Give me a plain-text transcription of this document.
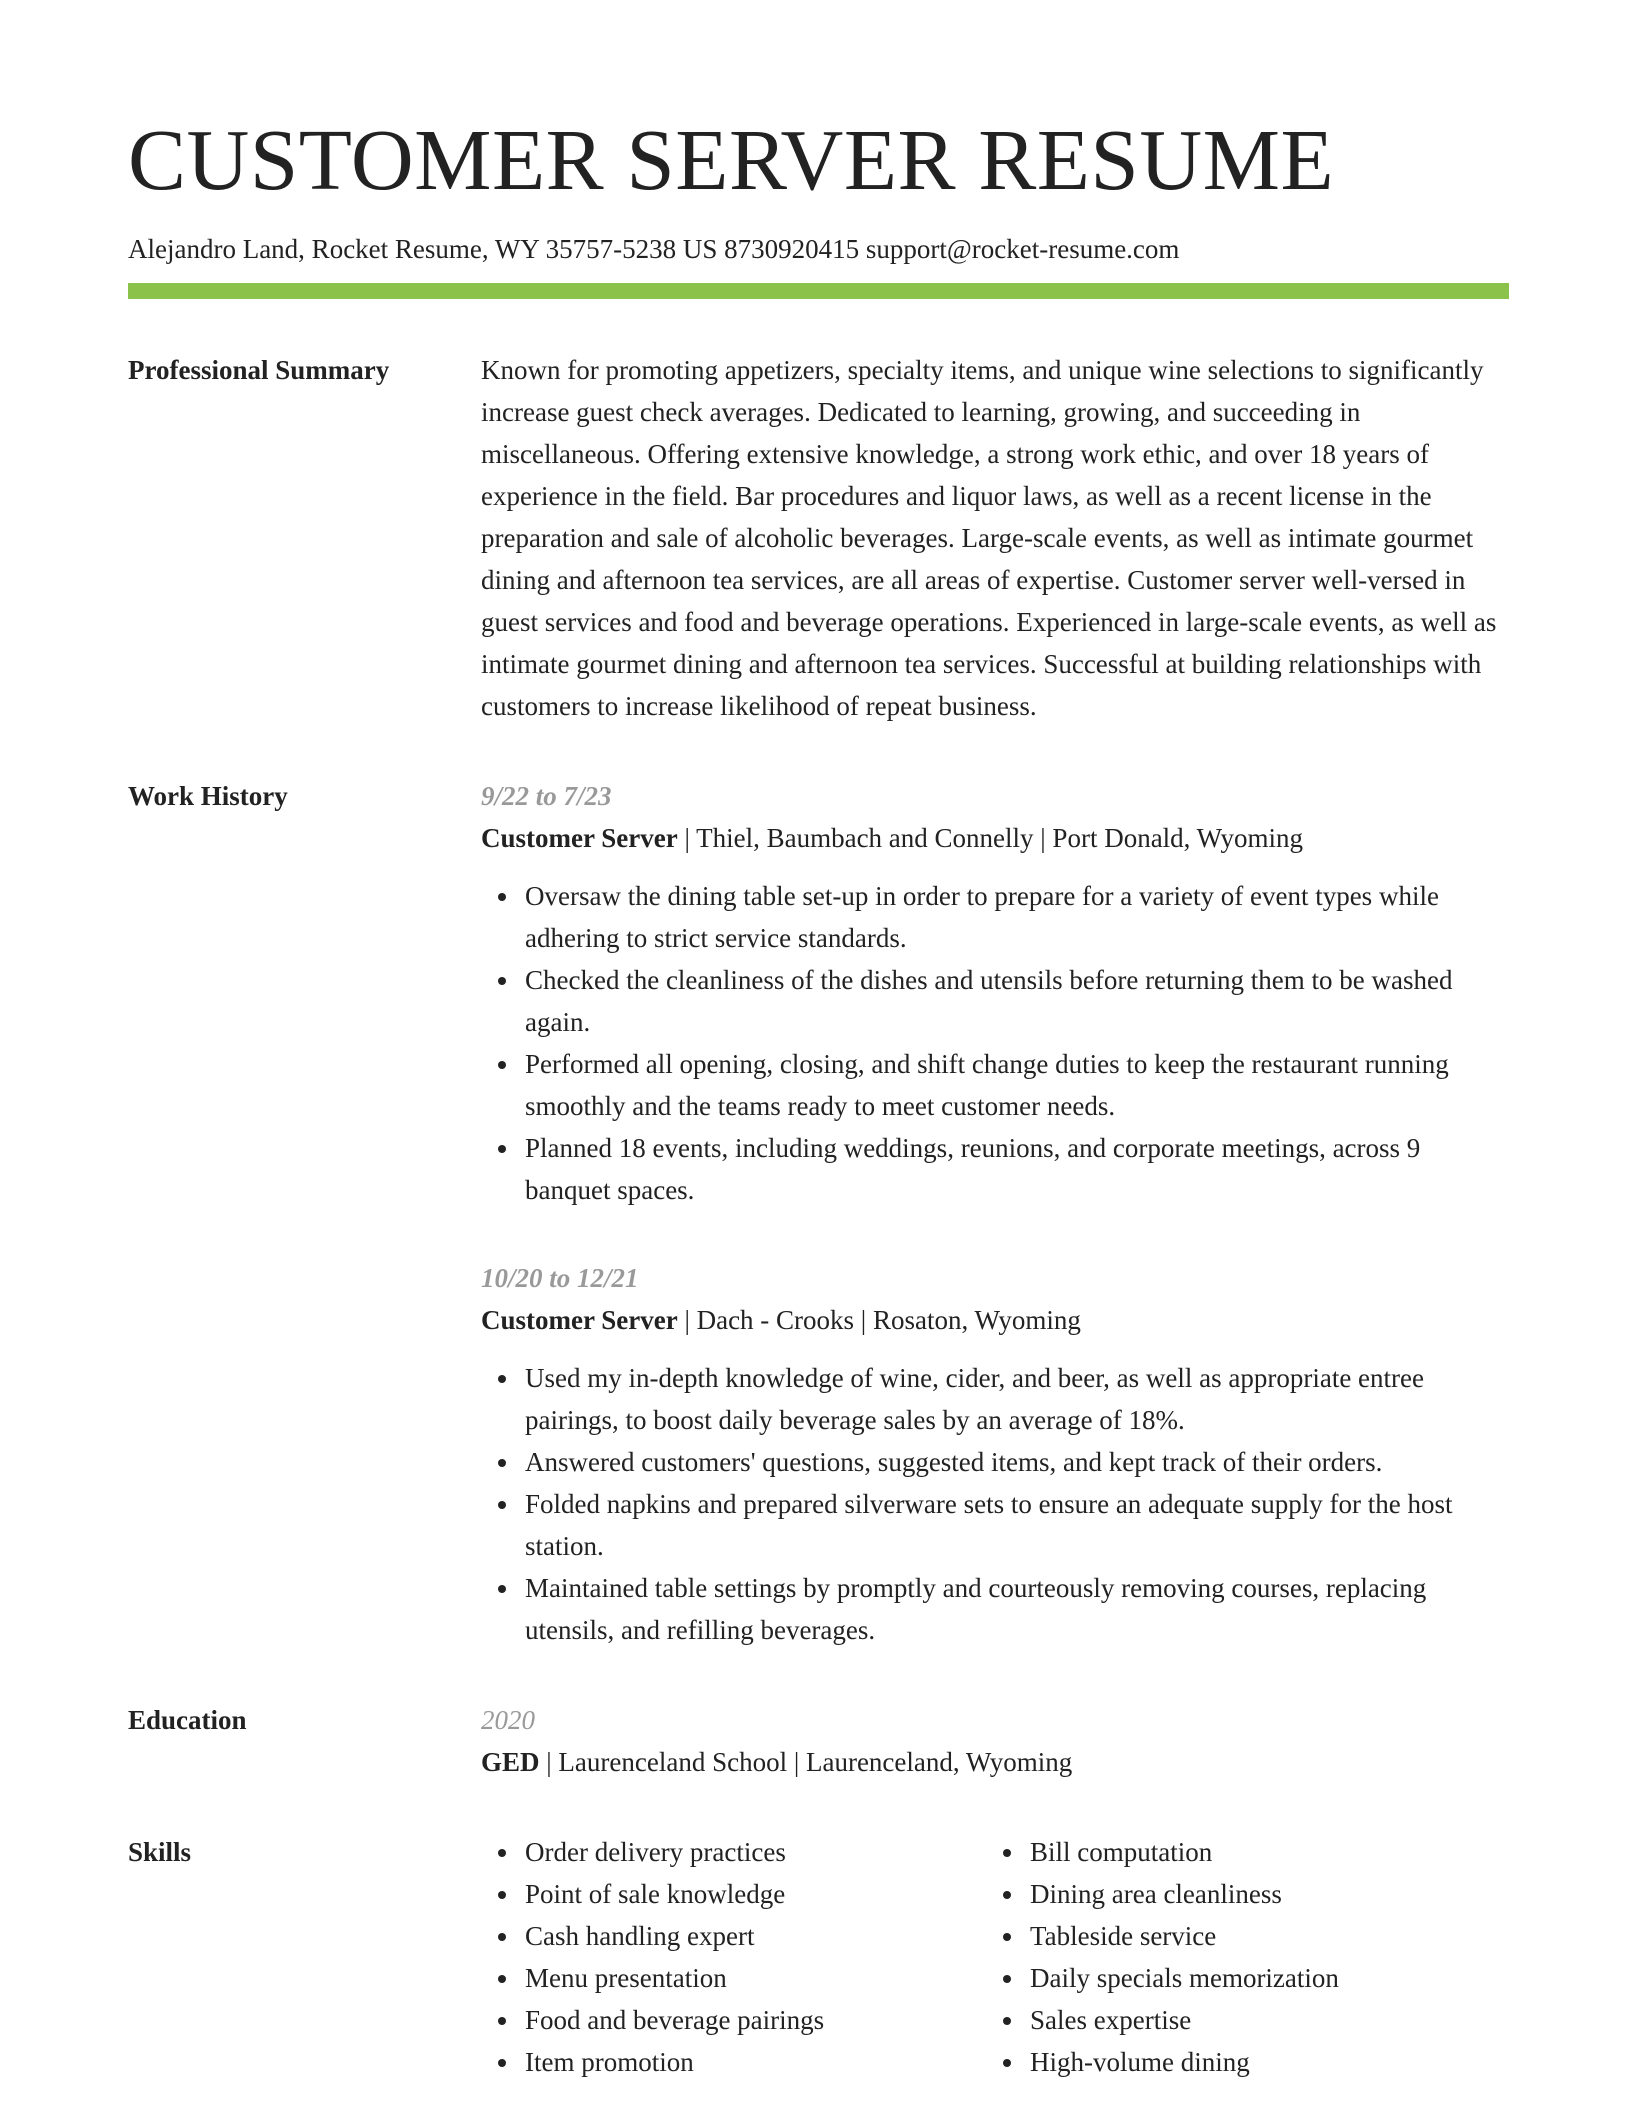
CUSTOMER SERVER RESUME
Alejandro Land, Rocket Resume, WY 35757-5238 US 8730920415 support@rocket-resume.com
Professional Summary	Known for promoting appetizers, specialty items, and unique wine selections to significantly increase guest check averages. Dedicated to learning, growing, and succeeding in miscellaneous. Offering extensive knowledge, a strong work ethic, and over 18 years of experience in the field. Bar procedures and liquor laws, as well as a recent license in the preparation and sale of alcoholic beverages. Large-scale events, as well as intimate gourmet dining and afternoon tea services, are all areas of expertise. Customer server well-versed in guest services and food and beverage operations. Experienced in large-scale events, as well as intimate gourmet dining and afternoon tea services. Successful at building relationships with customers to increase likelihood of repeat business.

Work History	9/22 to 7/23
Customer Server | Thiel, Baumbach and Connelly | Port Donald, Wyoming
Oversaw the dining table set-up in order to prepare for a variety of event types while adhering to strict service standards.
Checked the cleanliness of the dishes and utensils before returning them to be washed again.
Performed all opening, closing, and shift change duties to keep the restaurant running smoothly and the teams ready to meet customer needs.
Planned 18 events, including weddings, reunions, and corporate meetings, across 9 banquet spaces.
10/20 to 12/21
Customer Server | Dach - Crooks | Rosaton, Wyoming
Used my in-depth knowledge of wine, cider, and beer, as well as appropriate entree pairings, to boost daily beverage sales by an average of 18%.
Answered customers' questions, suggested items, and kept track of their orders.
Folded napkins and prepared silverware sets to ensure an adequate supply for the host station.
Maintained table settings by promptly and courteously removing courses, replacing utensils, and refilling beverages.
Education	2020
GED | Laurenceland School | Laurenceland, Wyoming
Skills	Order delivery practices
Point of sale knowledge
Cash handling expert
Menu presentation
Food and beverage pairings
Item promotion
Bill computation
Dining area cleanliness
Tableside service
Daily specials memorization
Sales expertise
High-volume dining
